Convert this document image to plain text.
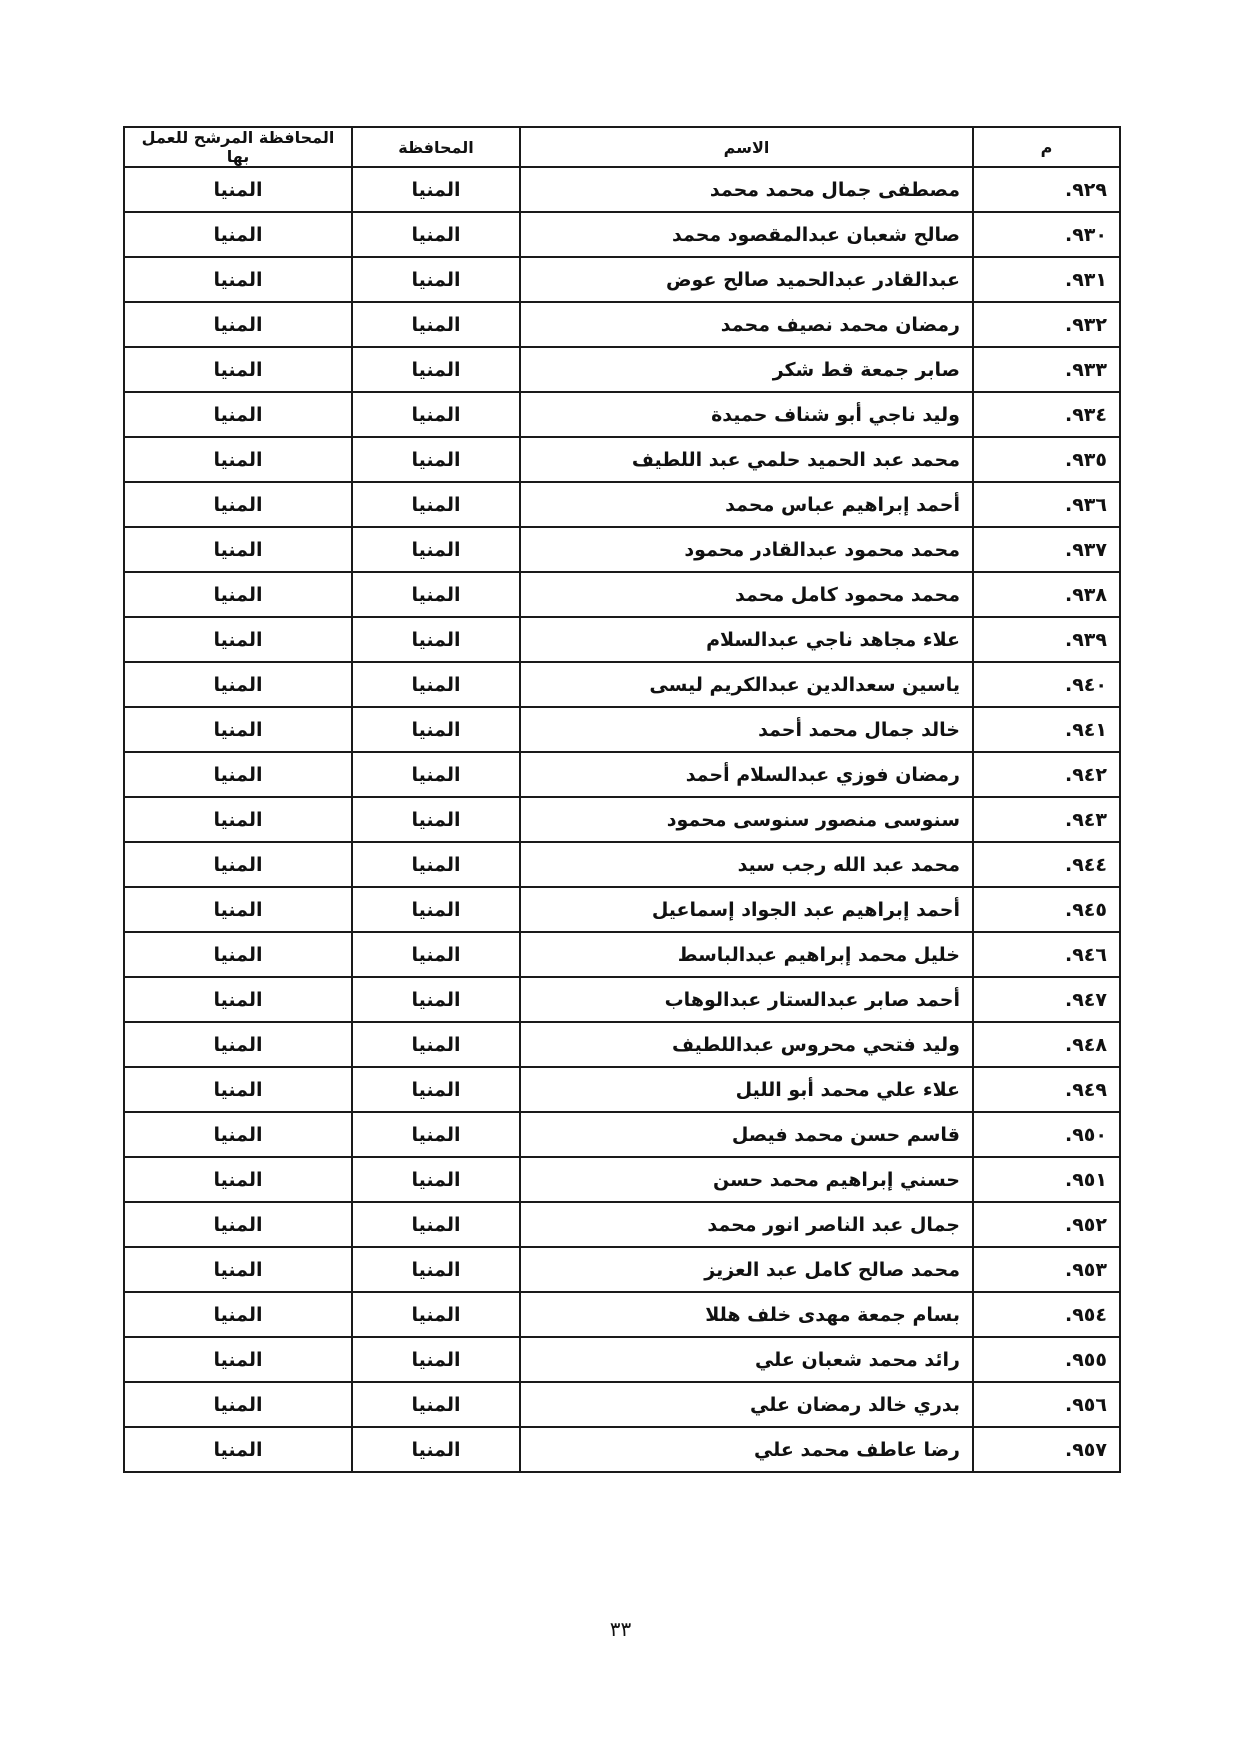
م	الاسم	المحافظة	المحافظة المرشح للعمل بها
٩٢٩.	مصطفى جمال محمد محمد	المنيا	المنيا
٩٣٠.	صالح شعبان عبدالمقصود محمد	المنيا	المنيا
٩٣١.	عبدالقادر عبدالحميد صالح عوض	المنيا	المنيا
٩٣٢.	رمضان محمد نصيف محمد	المنيا	المنيا
٩٣٣.	صابر جمعة قط شكر	المنيا	المنيا
٩٣٤.	وليد ناجي أبو شناف حميدة	المنيا	المنيا
٩٣٥.	محمد عبد الحميد حلمي عبد اللطيف	المنيا	المنيا
٩٣٦.	أحمد إبراهيم عباس محمد	المنيا	المنيا
٩٣٧.	محمد محمود عبدالقادر محمود	المنيا	المنيا
٩٣٨.	محمد محمود كامل محمد	المنيا	المنيا
٩٣٩.	علاء مجاهد ناجي عبدالسلام	المنيا	المنيا
٩٤٠.	ياسين سعدالدين عبدالكريم ليسى	المنيا	المنيا
٩٤١.	خالد جمال محمد أحمد	المنيا	المنيا
٩٤٢.	رمضان فوزي عبدالسلام أحمد	المنيا	المنيا
٩٤٣.	سنوسى منصور سنوسى محمود	المنيا	المنيا
٩٤٤.	محمد عبد الله رجب سيد	المنيا	المنيا
٩٤٥.	أحمد إبراهيم عبد الجواد إسماعيل	المنيا	المنيا
٩٤٦.	خليل محمد إبراهيم عبدالباسط	المنيا	المنيا
٩٤٧.	أحمد صابر عبدالستار عبدالوهاب	المنيا	المنيا
٩٤٨.	وليد فتحي محروس عبداللطيف	المنيا	المنيا
٩٤٩.	علاء علي محمد أبو الليل	المنيا	المنيا
٩٥٠.	قاسم حسن محمد فيصل	المنيا	المنيا
٩٥١.	حسني إبراهيم محمد حسن	المنيا	المنيا
٩٥٢.	جمال عبد الناصر انور محمد	المنيا	المنيا
٩٥٣.	محمد صالح كامل عبد العزيز	المنيا	المنيا
٩٥٤.	بسام جمعة مهدى خلف هللا	المنيا	المنيا
٩٥٥.	رائد محمد شعبان علي	المنيا	المنيا
٩٥٦.	بدري خالد رمضان علي	المنيا	المنيا
٩٥٧.	رضا عاطف محمد علي	المنيا	المنيا
٣٣
